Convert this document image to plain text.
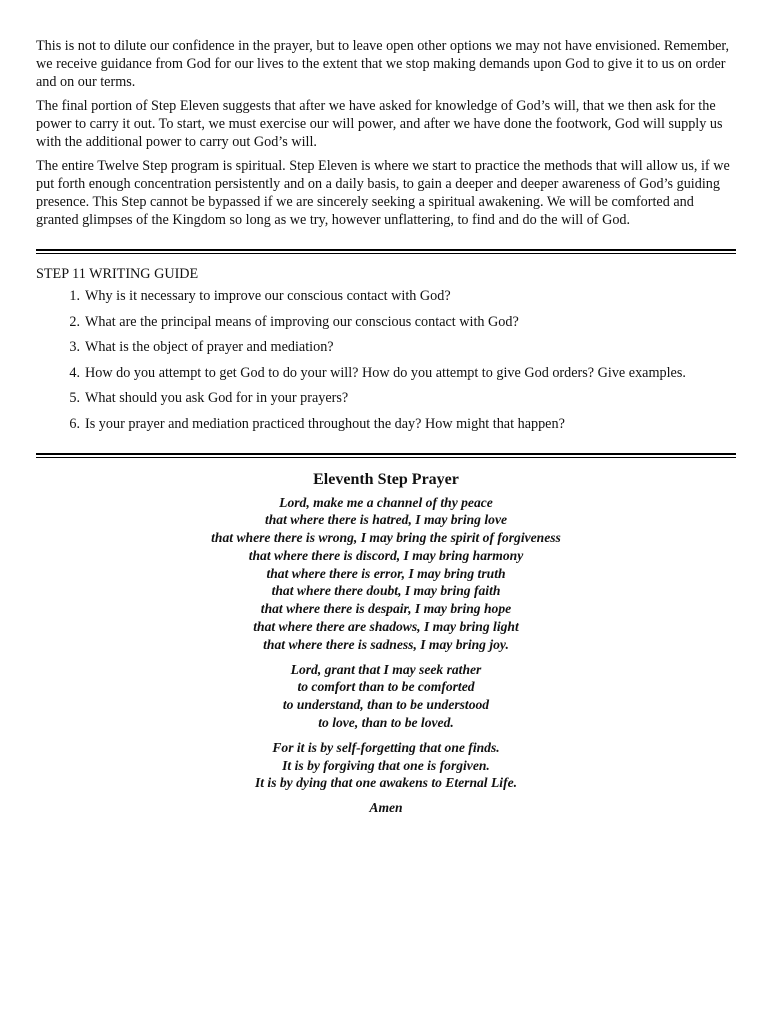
This is not to dilute our confidence in the prayer, but to leave open other options we may not have envisioned. Remember, we receive guidance from God for our lives to the extent that we stop making demands upon God to give it to us on order and on our terms.

The final portion of Step Eleven suggests that after we have asked for knowledge of God’s will, that we then ask for the power to carry it out. To start, we must exercise our will power, and after we have done the footwork, God will supply us with the additional power to carry out God’s will.

The entire Twelve Step program is spiritual. Step Eleven is where we start to practice the methods that will allow us, if we put forth enough concentration persistently and on a daily basis, to gain a deeper and deeper awareness of God’s guiding presence. This Step cannot be bypassed if we are sincerely seeking a spiritual awakening. We will be comforted and granted glimpses of the Kingdom so long as we try, however unflattering, to find and do the will of God.

STEP 11 WRITING GUIDE
1. Why is it necessary to improve our conscious contact with God?
2. What are the principal means of improving our conscious contact with God?
3. What is the object of prayer and mediation?
4. How do you attempt to get God to do your will? How do you attempt to give God orders? Give examples.
5. What should you ask God for in your prayers?
6. Is your prayer and mediation practiced throughout the day? How might that happen?
Eleventh Step Prayer
Lord, make me a channel of thy peace
that where there is hatred, I may bring love
that where there is wrong, I may bring the spirit of forgiveness
that where there is discord, I may bring harmony
that where there is error, I may bring truth
that where there doubt, I may bring faith
that where there is despair, I may bring hope
that where there are shadows, I may bring light
that where there is sadness, I may bring joy.
Lord, grant that I may seek rather
to comfort than to be comforted
to understand, than to be understood
to love, than to be loved.
For it is by self-forgetting that one finds.
It is by forgiving that one is forgiven.
It is by dying that one awakens to Eternal Life.
Amen
